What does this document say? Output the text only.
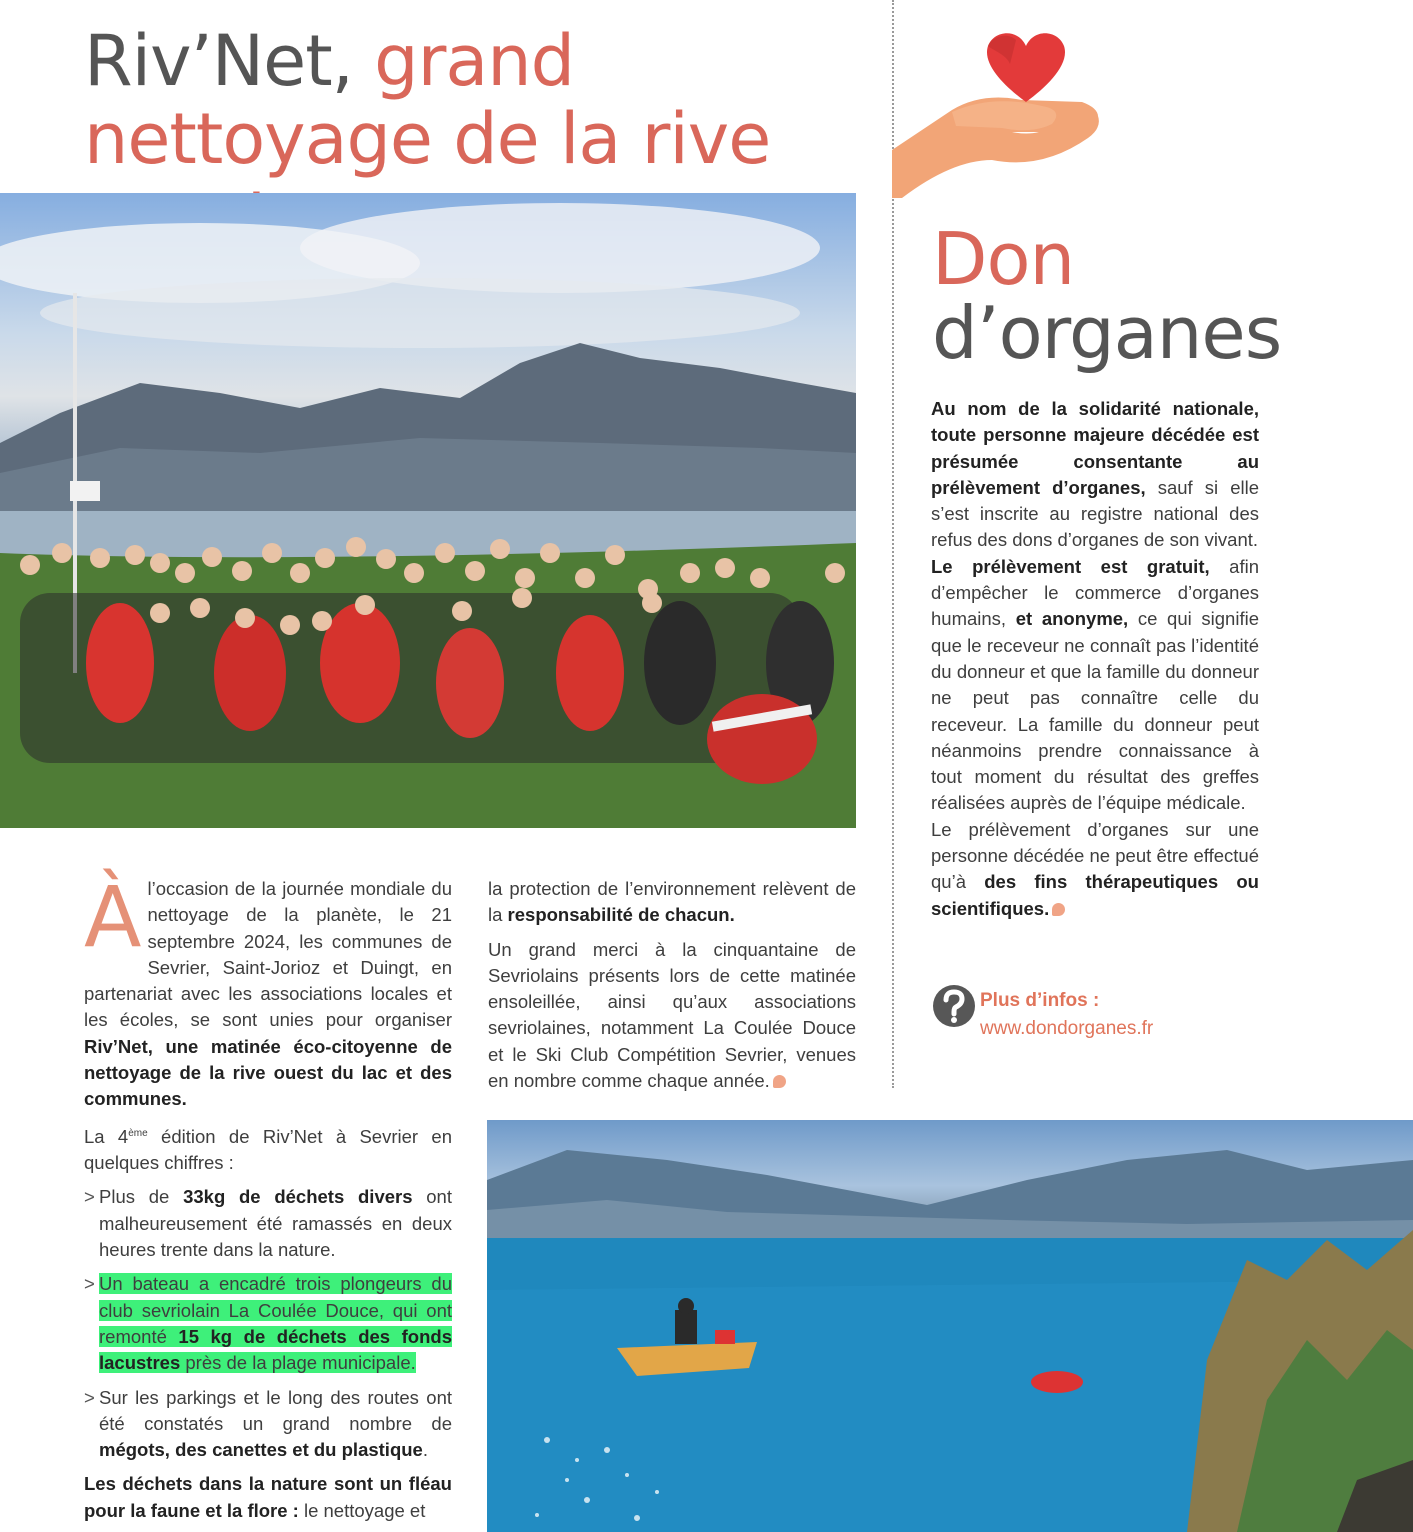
Riv’Net, grand nettoyage de la rive

Àl’occasion de la journée mondiale du nettoyage de la planète, le 21 septembre 2024, les communes de Sevrier, Saint-Jorioz et Duingt, en partenariat avec les associations locales et les écoles, se sont unies pour organiser Riv’Net, une matinée éco-citoyenne de nettoyage de la rive ouest du lac et des communes.

La 4ème édition de Riv’Net à Sevrier en quelques chiffres :

> Plus de 33kg de déchets divers ont malheureusement été ramassés en deux heures trente dans la nature.
> Un bateau a encadré trois plongeurs du club sevriolain La Coulée Douce, qui ont remonté 15 kg de déchets des fonds lacustres près de la plage municipale.
> Sur les parkings et le long des routes ont été constatés un grand nombre de mégots, des canettes et du plastique.

Les déchets dans la nature sont un fléau pour la faune et la flore : le nettoyage et

la protection de l’environnement relèvent de la responsabilité de chacun.

Un grand merci à la cinquantaine de Sevriolains présents lors de cette matinée ensoleillée, ainsi qu’aux associations sevriolaines, notamment La Coulée Douce et le Ski Club Compétition Sevrier, venues en nombre comme chaque année.

Don
d’organes

Au nom de la solidarité nationale, toute personne majeure décédée est présumée consentante au prélèvement d’organes, sauf si elle s’est inscrite au registre national des refus des dons d’organes de son vivant.

Le prélèvement est gratuit, afin d’empêcher le commerce d’organes humains, et anonyme, ce qui signifie que le receveur ne connaît pas l’identité du donneur et que la famille du donneur ne peut pas connaître celle du receveur. La famille du donneur peut néanmoins prendre connaissance à tout moment du résultat des greffes réalisées auprès de l’équipe médicale.

Le prélèvement d’organes sur une personne décédée ne peut être effectué qu’à des fins thérapeutiques ou scientifiques.

Plus d’infos :
www.dondorganes.fr
